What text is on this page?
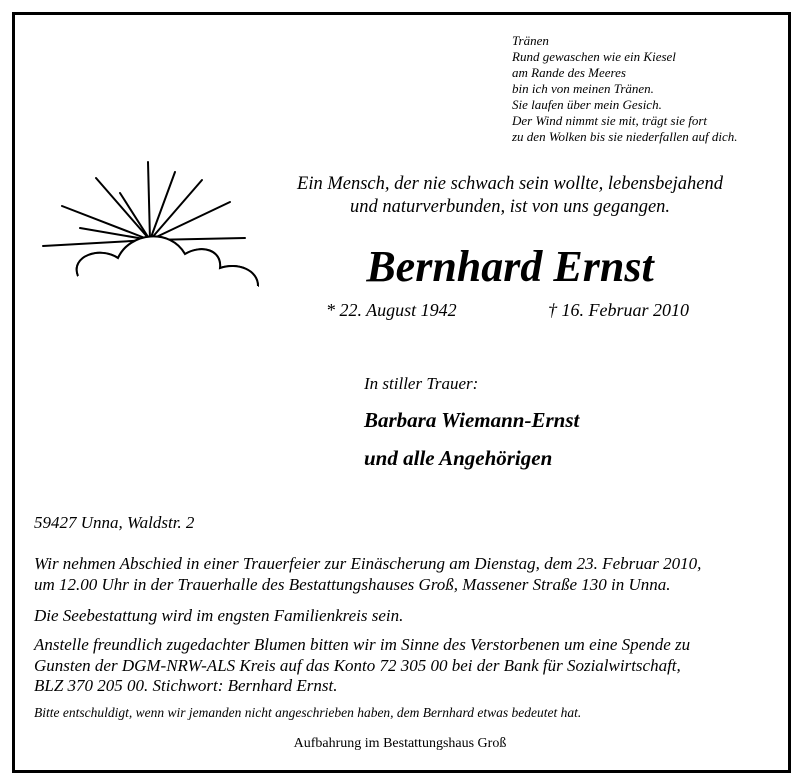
Tränen
Rund gewaschen wie ein Kiesel
am Rande des Meeres
bin ich von meinen Tränen.
Sie laufen über mein Gesich.
Der Wind nimmt sie mit, trägt sie fort
zu den Wolken bis sie niederfallen auf dich.
Ein Mensch, der nie schwach sein wollte, lebensbejahend
und naturverbunden, ist von uns gegangen.
Bernhard Ernst
* 22. August 1942	† 16. Februar 2010
In stiller Trauer:
Barbara Wiemann-Ernst
und alle Angehörigen
59427 Unna, Waldstr. 2
Wir nehmen Abschied in einer Trauerfeier zur Einäscherung am Dienstag, dem 23. Februar 2010,
um 12.00 Uhr in der Trauerhalle des Bestattungshauses Groß, Massener Straße 130 in Unna.
Die Seebestattung wird im engsten Familienkreis sein.
Anstelle freundlich zugedachter Blumen bitten wir im Sinne des Verstorbenen um eine Spende zu
Gunsten der DGM-NRW-ALS Kreis auf das Konto 72 305 00 bei der Bank für Sozialwirtschaft,
BLZ 370 205 00. Stichwort: Bernhard Ernst.
Bitte entschuldigt, wenn wir jemanden nicht angeschrieben haben, dem Bernhard etwas bedeutet hat.
Aufbahrung im Bestattungshaus Groß
